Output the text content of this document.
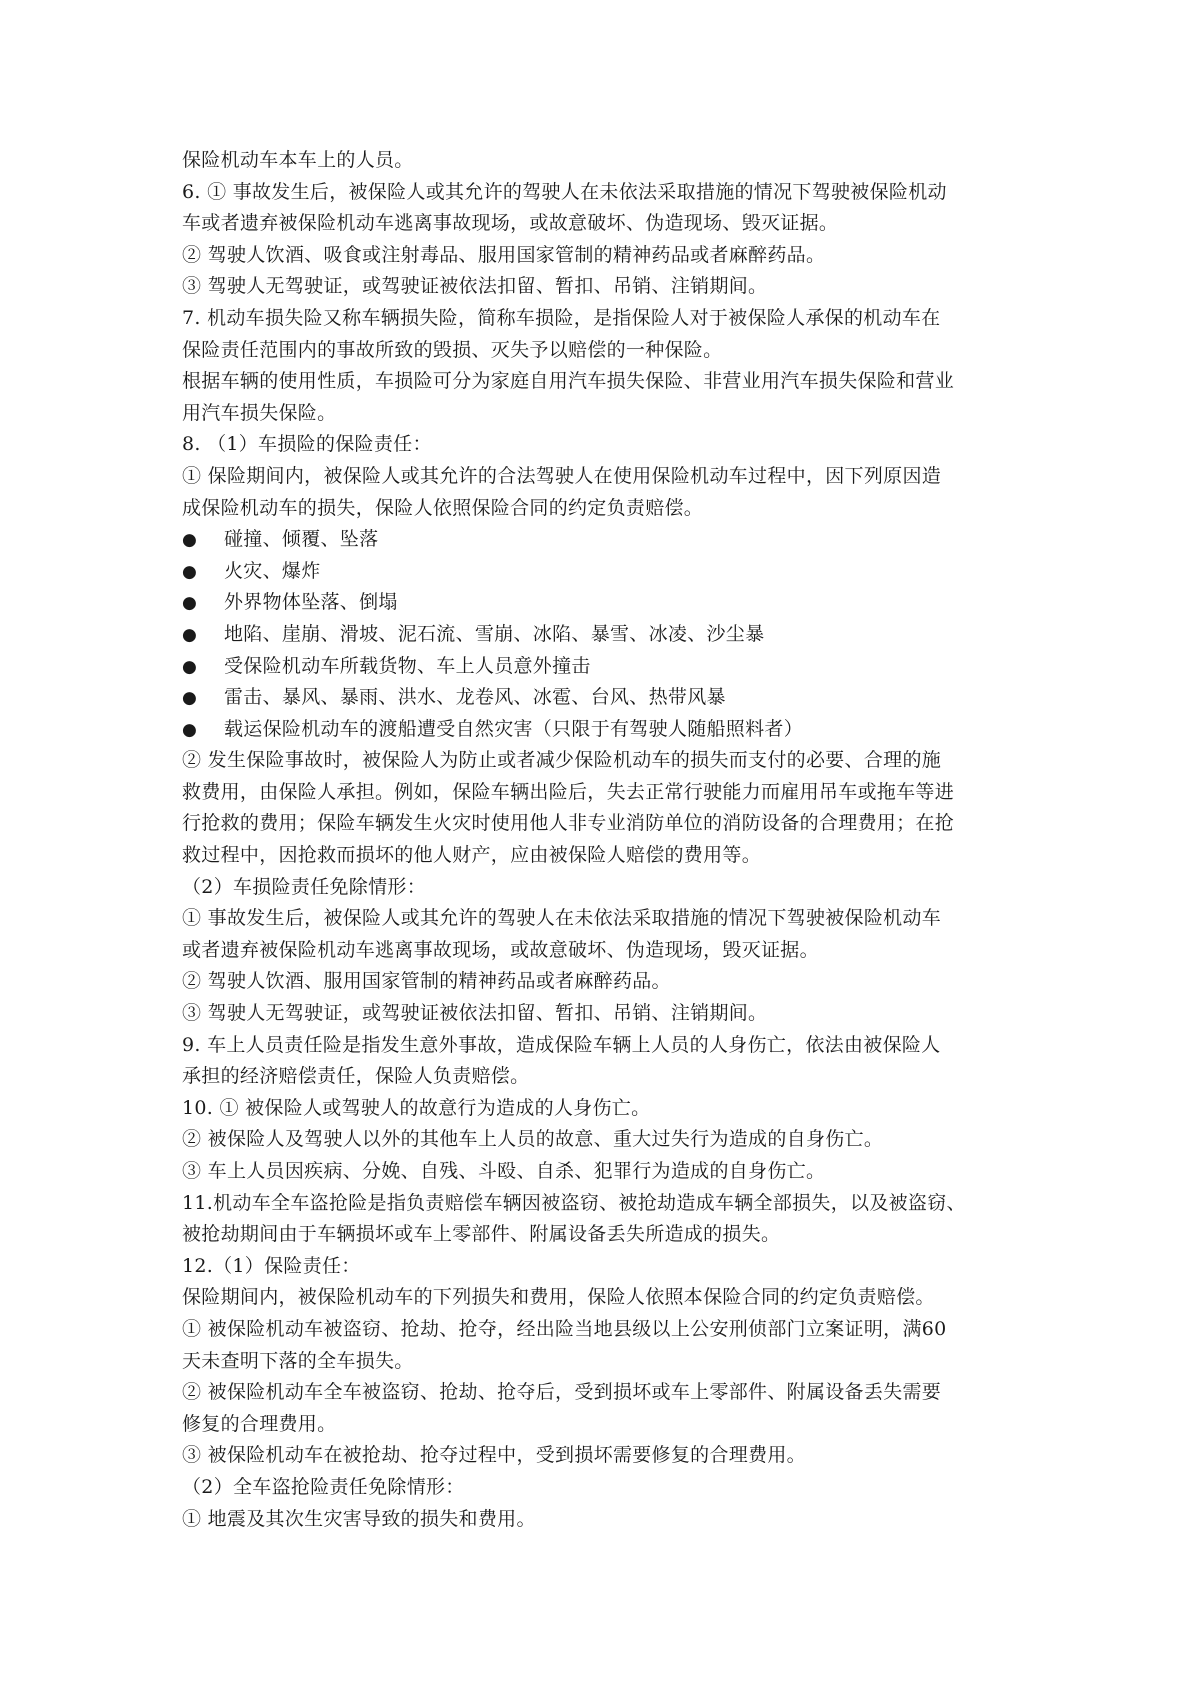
保险机动车本车上的人员。
6. ① 事故发生后，被保险人或其允许的驾驶人在未依法采取措施的情况下驾驶被保险机动
车或者遗弃被保险机动车逃离事故现场，或故意破坏、伪造现场、毁灭证据。
② 驾驶人饮酒、吸食或注射毒品、服用国家管制的精神药品或者麻醉药品。
③ 驾驶人无驾驶证，或驾驶证被依法扣留、暂扣、吊销、注销期间。
7. 机动车损失险又称车辆损失险，简称车损险，是指保险人对于被保险人承保的机动车在
保险责任范围内的事故所致的毁损、灭失予以赔偿的一种保险。
根据车辆的使用性质，车损险可分为家庭自用汽车损失保险、非营业用汽车损失保险和营业
用汽车损失保险。
8. （1）车损险的保险责任：
① 保险期间内，被保险人或其允许的合法驾驶人在使用保险机动车过程中，因下列原因造
成保险机动车的损失，保险人依照保险合同的约定负责赔偿。
● 碰撞、倾覆、坠落
● 火灾、爆炸
● 外界物体坠落、倒塌
● 地陷、崖崩、滑坡、泥石流、雪崩、冰陷、暴雪、冰凌、沙尘暴
● 受保险机动车所载货物、车上人员意外撞击
● 雷击、暴风、暴雨、洪水、龙卷风、冰雹、台风、热带风暴
● 载运保险机动车的渡船遭受自然灾害（只限于有驾驶人随船照料者）
② 发生保险事故时，被保险人为防止或者减少保险机动车的损失而支付的必要、合理的施
救费用，由保险人承担。例如，保险车辆出险后，失去正常行驶能力而雇用吊车或拖车等进
行抢救的费用；保险车辆发生火灾时使用他人非专业消防单位的消防设备的合理费用；在抢
救过程中，因抢救而损坏的他人财产，应由被保险人赔偿的费用等。
（2）车损险责任免除情形：
① 事故发生后，被保险人或其允许的驾驶人在未依法采取措施的情况下驾驶被保险机动车
或者遗弃被保险机动车逃离事故现场，或故意破坏、伪造现场，毁灭证据。
② 驾驶人饮酒、服用国家管制的精神药品或者麻醉药品。
③ 驾驶人无驾驶证，或驾驶证被依法扣留、暂扣、吊销、注销期间。
9. 车上人员责任险是指发生意外事故，造成保险车辆上人员的人身伤亡，依法由被保险人
承担的经济赔偿责任，保险人负责赔偿。
10. ① 被保险人或驾驶人的故意行为造成的人身伤亡。
② 被保险人及驾驶人以外的其他车上人员的故意、重大过失行为造成的自身伤亡。
③ 车上人员因疾病、分娩、自残、斗殴、自杀、犯罪行为造成的自身伤亡。
11.机动车全车盗抢险是指负责赔偿车辆因被盗窃、被抢劫造成车辆全部损失，以及被盗窃、
被抢劫期间由于车辆损坏或车上零部件、附属设备丢失所造成的损失。
12.（1）保险责任：
保险期间内，被保险机动车的下列损失和费用，保险人依照本保险合同的约定负责赔偿。
① 被保险机动车被盗窃、抢劫、抢夺，经出险当地县级以上公安刑侦部门立案证明，满60
天未查明下落的全车损失。
② 被保险机动车全车被盗窃、抢劫、抢夺后，受到损坏或车上零部件、附属设备丢失需要
修复的合理费用。
③ 被保险机动车在被抢劫、抢夺过程中，受到损坏需要修复的合理费用。
（2）全车盗抢险责任免除情形：
① 地震及其次生灾害导致的损失和费用。
